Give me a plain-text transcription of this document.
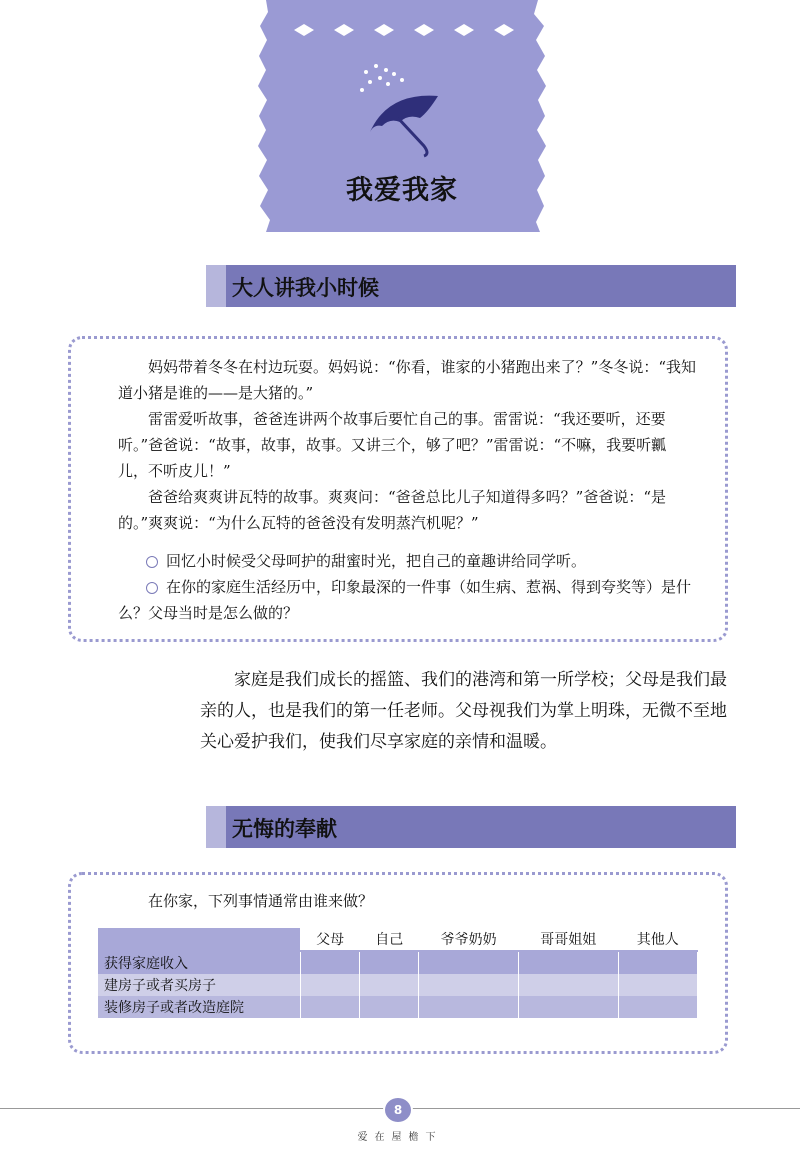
我爱我家
大人讲我小时候

妈妈带着冬冬在村边玩耍。妈妈说：“你看，谁家的小猪跑出来了？”冬冬说：“我知道小猪是谁的——是大猪的。”

雷雷爱听故事，爸爸连讲两个故事后要忙自己的事。雷雷说：“我还要听，还要听。”爸爸说：“故事，故事，故事。又讲三个，够了吧？”雷雷说：“不嘛，我要听瓤儿，不听皮儿！”

爸爸给爽爽讲瓦特的故事。爽爽问：“爸爸总比儿子知道得多吗？”爸爸说：“是的。”爽爽说：“为什么瓦特的爸爸没有发明蒸汽机呢？”

回忆小时候受父母呵护的甜蜜时光，把自己的童趣讲给同学听。
在你的家庭生活经历中，印象最深的一件事（如生病、惹祸、得到夸奖等）是什么？父母当时是怎么做的？
家庭是我们成长的摇篮、我们的港湾和第一所学校；父母是我们最亲的人，也是我们的第一任老师。父母视我们为掌上明珠，无微不至地关心爱护我们，使我们尽享家庭的亲情和温暖。
无悔的奉献
在你家，下列事情通常由谁来做？
	父母	自己	爷爷奶奶	哥哥姐姐	其他人
获得家庭收入					
建房子或者买房子					
装修房子或者改造庭院					
8
爱在屋檐下
